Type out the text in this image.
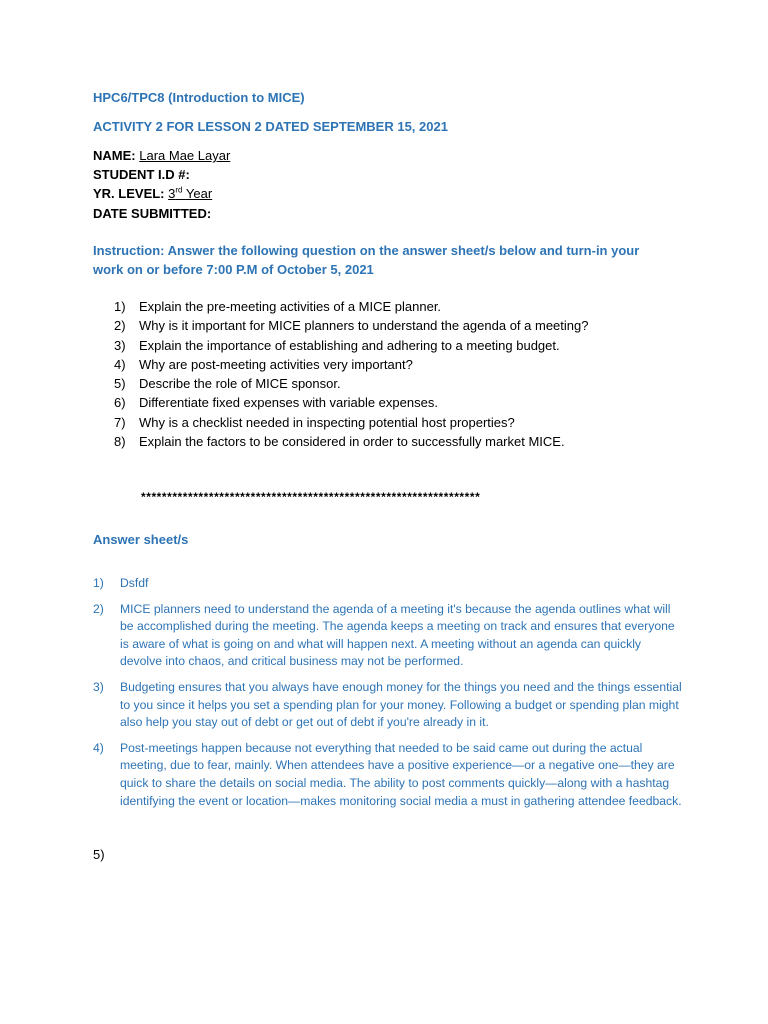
HPC6/TPC8 (Introduction to MICE)
ACTIVITY 2 FOR LESSON 2 DATED SEPTEMBER 15, 2021
NAME: Lara Mae Layar
STUDENT I.D #:
YR. LEVEL: 3rd Year
DATE SUBMITTED:
Instruction: Answer the following question on the answer sheet/s below and turn-in your
work on or before 7:00 P.M of October 5, 2021
1)	Explain the pre-meeting activities of a MICE planner.
2)	Why is it important for MICE planners to understand the agenda of a meeting?
3)	Explain the importance of establishing and adhering to a meeting budget.
4)	Why are post-meeting activities very important?
5)	Describe the role of MICE sponsor.
6)	Differentiate fixed expenses with variable expenses.
7)	Why is a checklist needed in inspecting potential host properties?
8)	Explain the factors to be considered in order to successfully market MICE.
*****************************************************************
Answer sheet/s
1)	Dsfdf
2)	MICE planners need to understand the agenda of a meeting it's because the agenda outlines what will be accomplished during the meeting. The agenda keeps a meeting on track and ensures that everyone is aware of what is going on and what will happen next. A meeting without an agenda can quickly devolve into chaos, and critical business may not be performed.
3)	Budgeting ensures that you always have enough money for the things you need and the things essential to you since it helps you set a spending plan for your money. Following a budget or spending plan might also help you stay out of debt or get out of debt if you're already in it.
4)	Post-meetings happen because not everything that needed to be said came out during the actual meeting, due to fear, mainly. When attendees have a positive experience—or a negative one—they are quick to share the details on social media. The ability to post comments quickly—along with a hashtag identifying the event or location—makes monitoring social media a must in gathering attendee feedback.
5)
